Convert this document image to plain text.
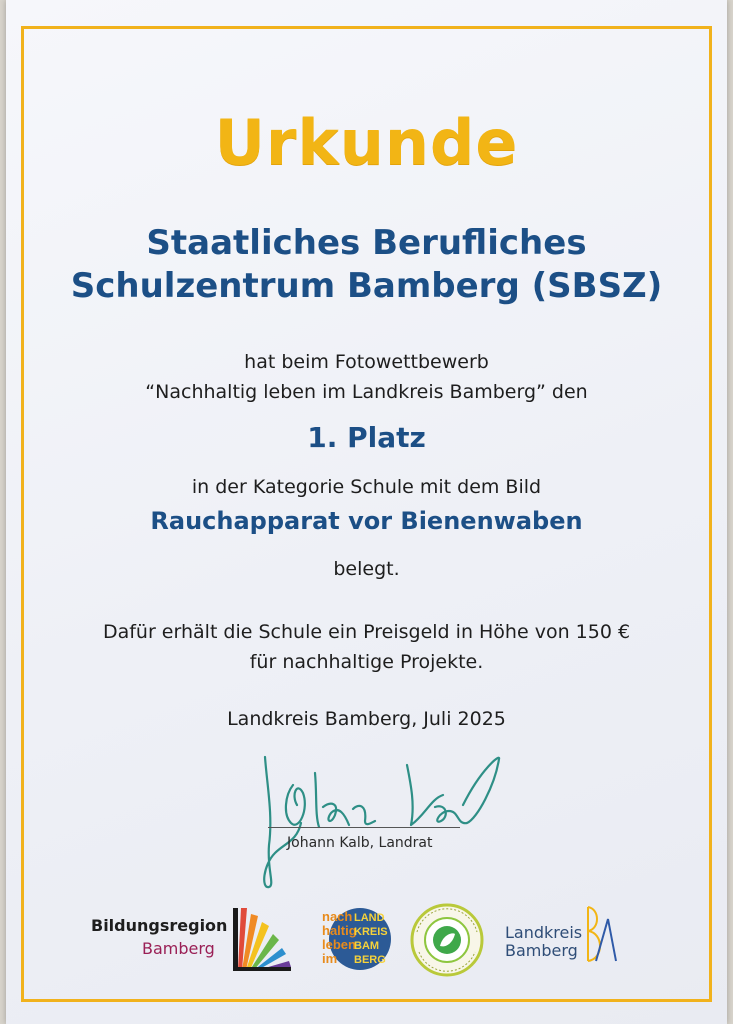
Urkunde
Staatliches Berufliches
Schulzentrum Bamberg (SBSZ)
hat beim Fotowettbewerb
“Nachhaltig leben im Landkreis Bamberg” den
1. Platz
in der Kategorie Schule mit dem Bild
Rauchapparat vor Bienenwaben
belegt.
Dafür erhält die Schule ein Preisgeld in Höhe von 150 €
für nachhaltige Projekte.
Landkreis Bamberg, Juli 2025
Johann Kalb, Landrat
Bildungsregion
Bamberg
nach
haltig
leben
im
LAND
KREIS
BAM
BERG
Landkreis
Bamberg
